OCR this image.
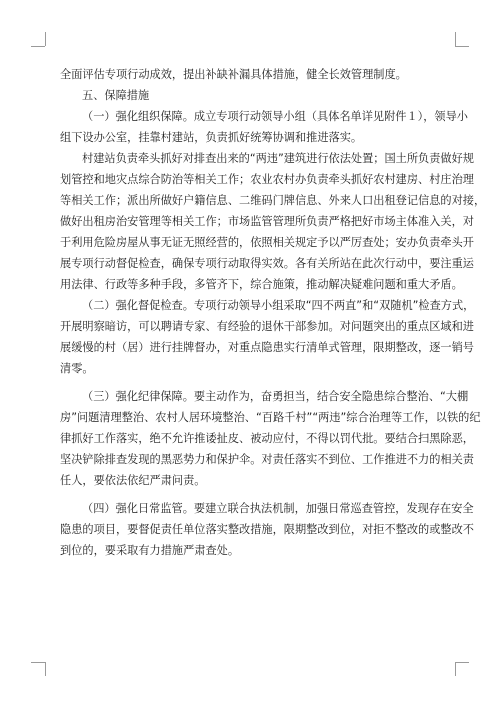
全面评估专项行动成效，提出补缺补漏具体措施，健全长效管理制度。
五、保障措施
（一）强化组织保障。成立专项行动领导小组（具体名单详见附件１），领导小
组下设办公室，挂靠村建站，负责抓好统筹协调和推进落实。
村建站负责牵头抓好对排查出来的“两违”建筑进行依法处置；国土所负责做好规
划管控和地灾点综合防治等相关工作；农业农村办负责牵头抓好农村建房、村庄治理
等相关工作；派出所做好户籍信息、二维码门牌信息、外来人口出租登记信息的对接，
做好出租房治安管理等相关工作；市场监管管理所负责严格把好市场主体准入关，对
于利用危险房屋从事无证无照经营的，依照相关规定予以严厉查处；安办负责牵头开
展专项行动督促检查，确保专项行动取得实效。各有关所站在此次行动中，要注重运
用法律、行政等多种手段，多管齐下，综合施策，推动解决疑难问题和重大矛盾。
（二）强化督促检查。专项行动领导小组采取“四不两直”和“双随机”检查方式，
开展明察暗访，可以聘请专家、有经验的退休干部参加。对问题突出的重点区域和进
展缓慢的村（居）进行挂牌督办，对重点隐患实行清单式管理，限期整改，逐一销号
清零。
（三）强化纪律保障。要主动作为，奋勇担当，结合安全隐患综合整治、“大棚
房”问题清理整治、农村人居环境整治、“百路千村”“两违”综合治理等工作，以铁的纪
律抓好工作落实，绝不允许推诿扯皮、被动应付，不得以罚代批。要结合扫黑除恶，
坚决铲除排查发现的黑恶势力和保护伞。对责任落实不到位、工作推进不力的相关责
任人，要依法依纪严肃问责。
（四）强化日常监管。要建立联合执法机制，加强日常巡查管控，发现存在安全
隐患的项目，要督促责任单位落实整改措施，限期整改到位，对拒不整改的或整改不
到位的，要采取有力措施严肃查处。
